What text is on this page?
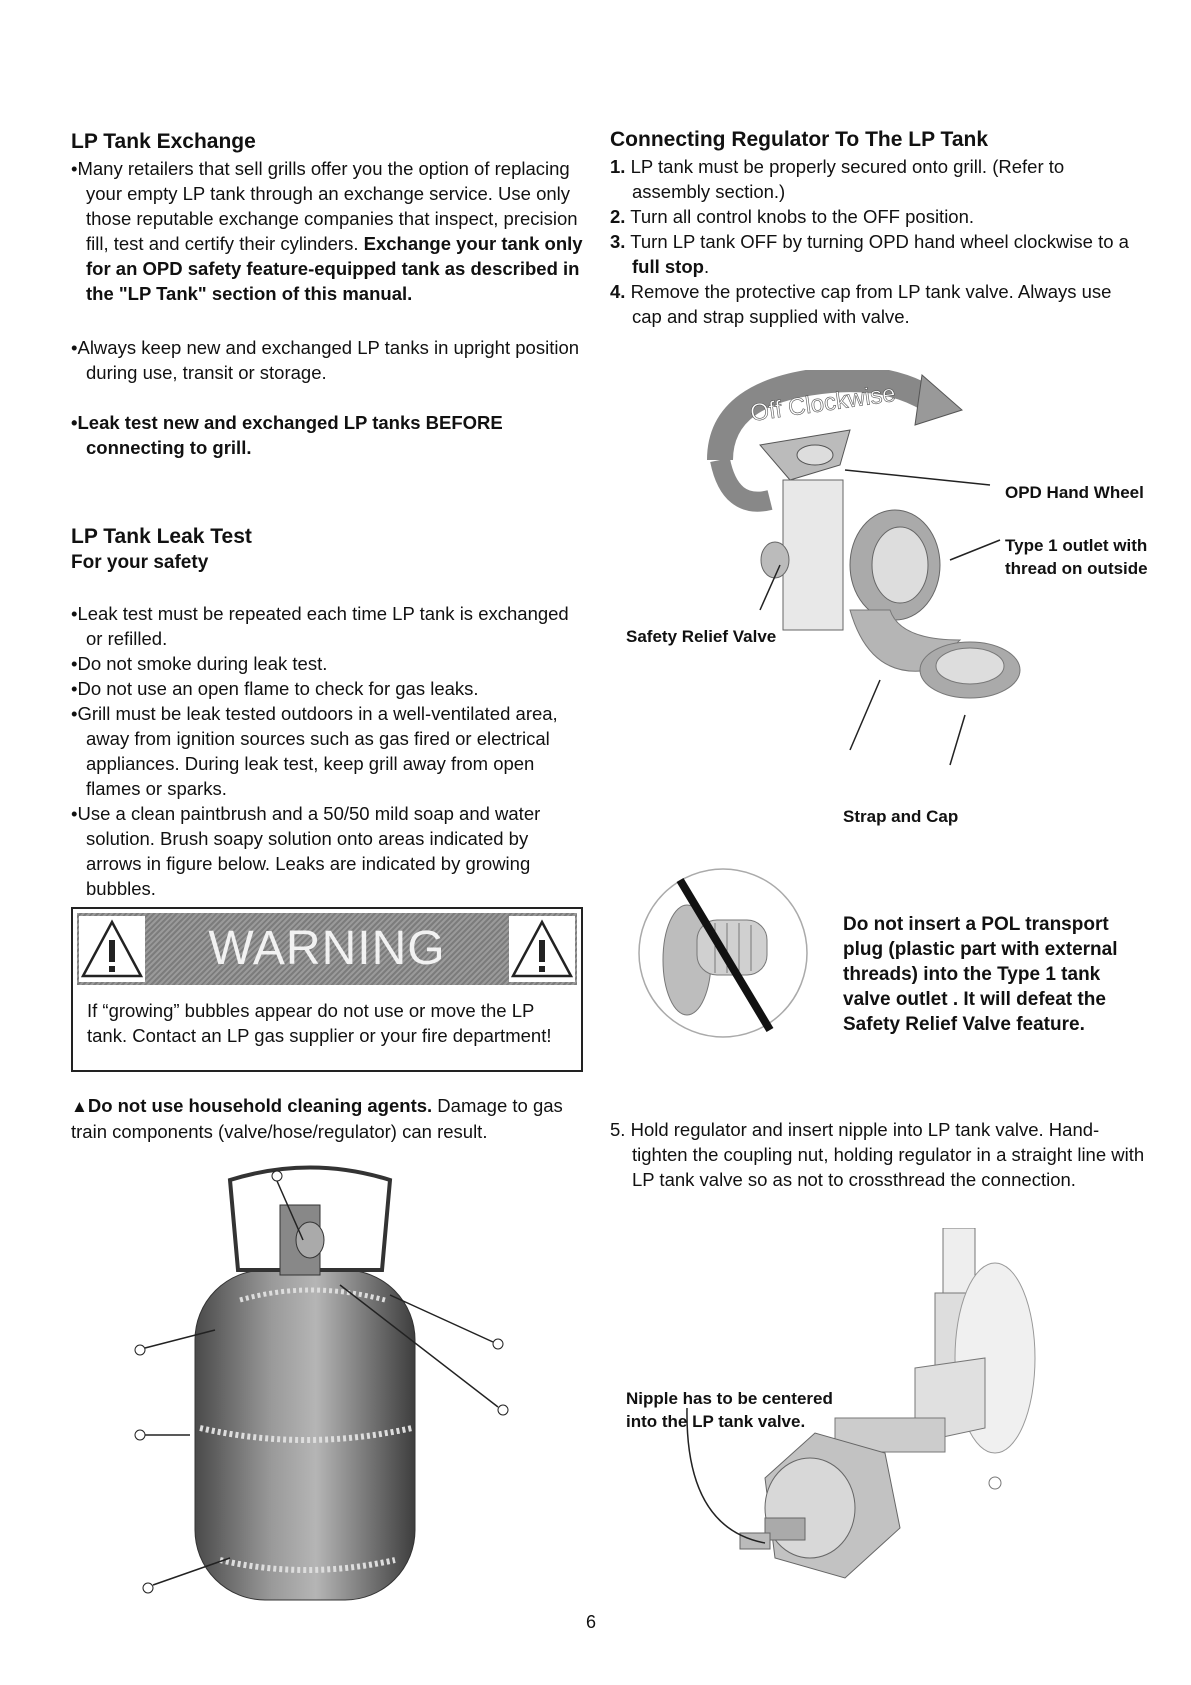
LP Tank Exchange
•Many retailers that sell grills offer you the option of replacing your empty LP tank through an exchange service. Use only those reputable exchange companies that inspect, precision fill, test and certify their cylinders. Exchange your tank only for an OPD safety feature-equipped tank as described in the "LP Tank" section of this manual.
•Always keep new and exchanged LP tanks in upright position during use, transit or storage.
•Leak test new and exchanged LP tanks BEFORE connecting to grill.
LP Tank Leak Test
For your safety
•Leak test must be repeated each time LP tank is exchanged or refilled.
•Do not smoke during leak test.
•Do not use an open flame to check for gas leaks.
•Grill must be leak tested outdoors in a well-ventilated area, away from ignition sources such as gas fired or electrical appliances. During leak test, keep grill away from open flames or sparks.
•Use a clean paintbrush and a 50/50 mild soap and water solution. Brush soapy solution onto areas indicated by arrows in figure below. Leaks are indicated by growing bubbles.
WARNING
If “growing” bubbles appear do not use or move the LP tank. Contact an LP gas supplier or your fire department!
▲Do not use household cleaning agents. Damage to gas train components (valve/hose/regulator) can result.
Connecting Regulator To The LP Tank
1. LP tank must be properly secured onto grill. (Refer to assembly section.)
2. Turn all control knobs to the OFF position.
3. Turn LP tank OFF by turning OPD hand wheel clockwise to a full stop.
4. Remove the protective cap from LP tank valve. Always use cap and strap supplied with valve.
Off Clockwise
OPD Hand Wheel
Type 1 outlet with
thread on outside
Safety Relief Valve
Strap and Cap
Do not insert a POL transport plug (plastic part with external threads) into the Type 1 tank valve outlet . It will defeat the Safety Relief Valve feature.
5. Hold regulator and insert nipple into LP tank valve. Hand-tighten the coupling nut, holding regulator in a straight line with LP tank valve so as not to crossthread the connection.
Nipple has to be centered
into the LP tank valve.
6
